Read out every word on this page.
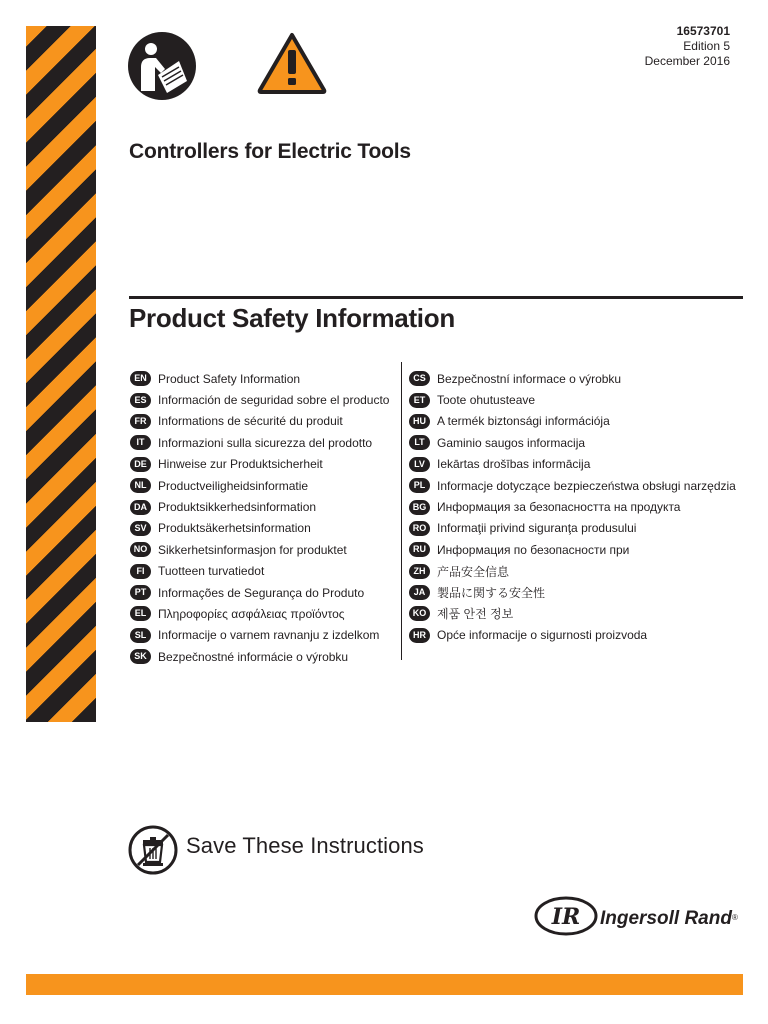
16573701
Edition 5
December 2016
Controllers for Electric Tools
Product Safety Information
EN Product Safety Information
ES Información de seguridad sobre el producto
FR Informations de sécurité du produit
IT	Informazioni sulla sicurezza del prodotto
DE Hinweise zur Produktsicherheit
NL Productveiligheidsinformatie
DA Produktsikkerhedsinformation
SV Produktsäkerhetsinformation
NO Sikkerhetsinformasjon for produktet
FI	Tuotteen turvatiedot
PT Informações de Segurança do Produto
EL Πληροφορίες ασφάλειας προϊόντος
SL Informacije o varnem ravnanju z izdelkom
SK Bezpečnostné informácie o výrobku
CS Bezpečnostní informace o výrobku
ET Toote ohutusteave
HU A termék biztonsági információja
LT	Gaminio saugos informacija
LV	Iekārtas drošības informācija
PL Informacje dotyczące bezpieczeństwa obsługi narzędzia
BG Информация за безопасността на продукта
RO Informaţii privind siguranţa produsului
RU Информация по безопасности при
ZH 产品安全信息
JA 製品に関する安全性
KO 제품 안전 정보
HR Opće informacije o sigurnosti proizvoda
Save These Instructions
IR Ingersoll Rand ®
